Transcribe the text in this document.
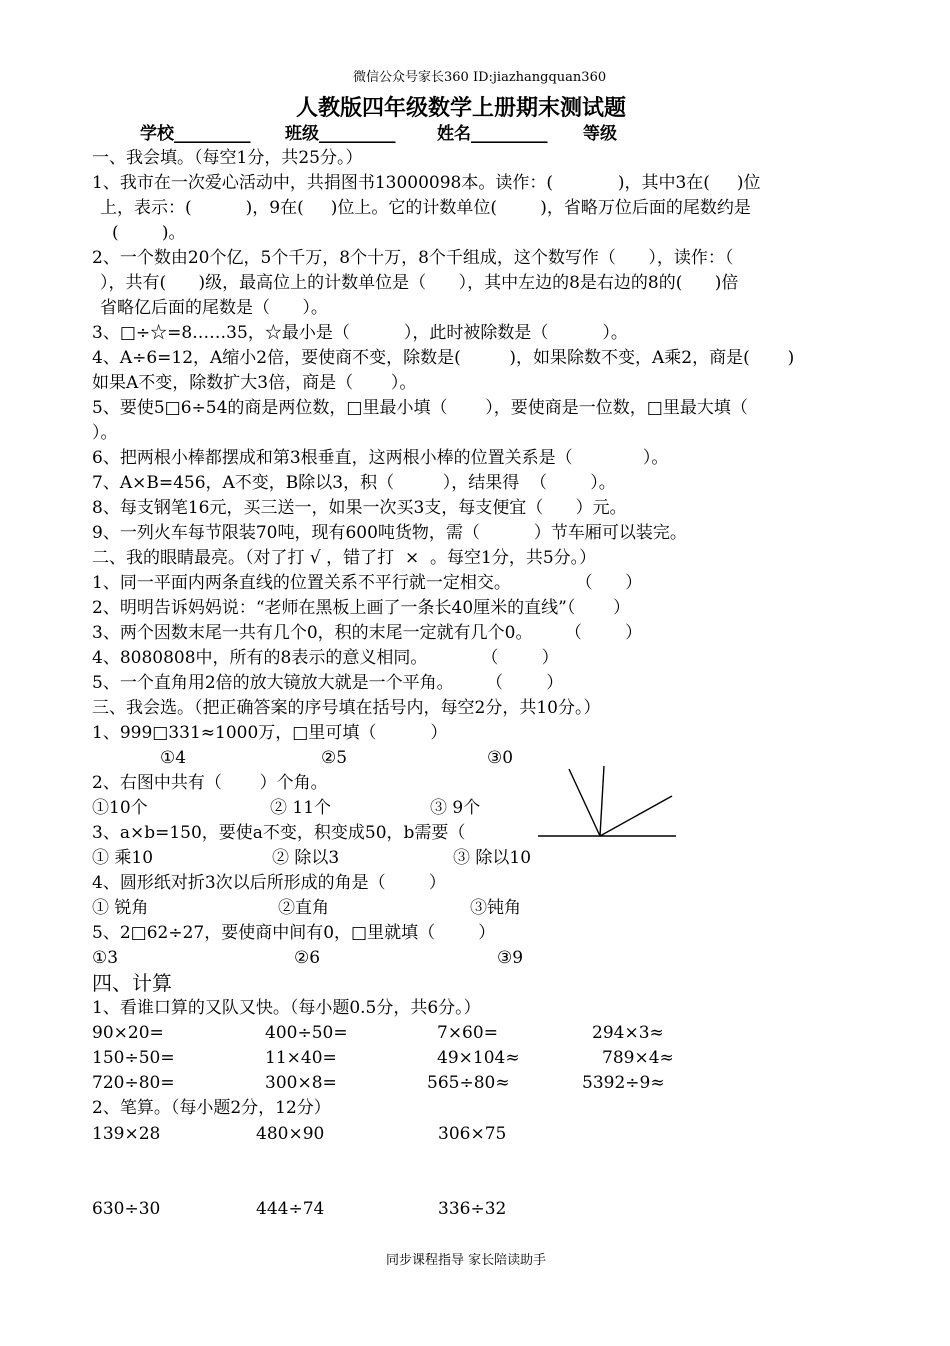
微信公众号家长360 ID:jiazhangquan360
人教版四年级数学上册期末测试题
学校_________ 班级_________ 姓名_________ 等级
一、我会填。（每空1分，共25分。）
1、我市在一次爱心活动中，共捐图书13000098本。读作：(            )，其中3在(     )位
上，表示：(          )，9在(     )位上。它的计数单位(        )，省略万位后面的尾数约是
(        )。
2、一个数由20个亿，5个千万，8个十万，8个千组成，这个数写作（      ），读作：（
），共有(      )级，最高位上的计数单位是（      ），其中左边的8是右边的8的(      )倍
省略亿后面的尾数是（      ）。
3、□÷☆=8……35，☆最小是（          ），此时被除数是（          ）。
4、A÷6=12，A缩小2倍，要使商不变，除数是(         )，如果除数不变，A乘2，商是(       )
如果A不变，除数扩大3倍，商是（       ）。
5、要使5□6÷54的商是两位数，□里最小填（       ），要使商是一位数，□里最大填（
）。
6、把两根小棒都摆成和第3根垂直，这两根小棒的位置关系是（             ）。
7、A×B=456，A不变，B除以3，积（         ），结果得  （        ）。
8、每支钢笔16元，买三送一，如果一次买3支，每支便宜（      ）元。
9、一列火车每节限装70吨，现有600吨货物，需（          ）节车厢可以装完。
二、我的眼睛最亮。（对了打 √ ，错了打  ×  。每空1分，共5分。）
1、同一平面内两条直线的位置关系不平行就一定相交。            （      ）
2、明明告诉妈妈说：“老师在黑板上画了一条长40厘米的直线”（       ）
3、两个因数末尾一共有几个0，积的末尾一定就有几个0。      （        ）
4、8080808中，所有的8表示的意义相同。          （        ）
5、一个直角用2倍的放大镜放大就是一个平角。      （        ）
三、我会选。（把正确答案的序号填在括号内，每空2分，共10分。）
1、999□331≈1000万，□里可填（          ）
①4	②5	③0
2、右图中共有（       ）个角。
①10个	② 11个	③ 9个
3、a×b=150，要使a不变，积变成50，b需要（
① 乘10	② 除以3	③ 除以10
4、圆形纸对折3次以后所形成的角是（        ）
① 锐角	②直角	③钝角
5、2□62÷27，要使商中间有0，□里就填（        ）
①3	②6	③9
四、计算
1、看谁口算的又队又快。（每小题0.5分，共6分。）
90×20=	400÷50=	7×60=	294×3≈
150÷50=	11×40=	49×104≈	789×4≈
720÷80=	300×8=	565÷80≈	5392÷9≈
2、笔算。（每小题2分，12分）
139×28	480×90	306×75
630÷30	444÷74	336÷32
同步课程指导 家长陪读助手
